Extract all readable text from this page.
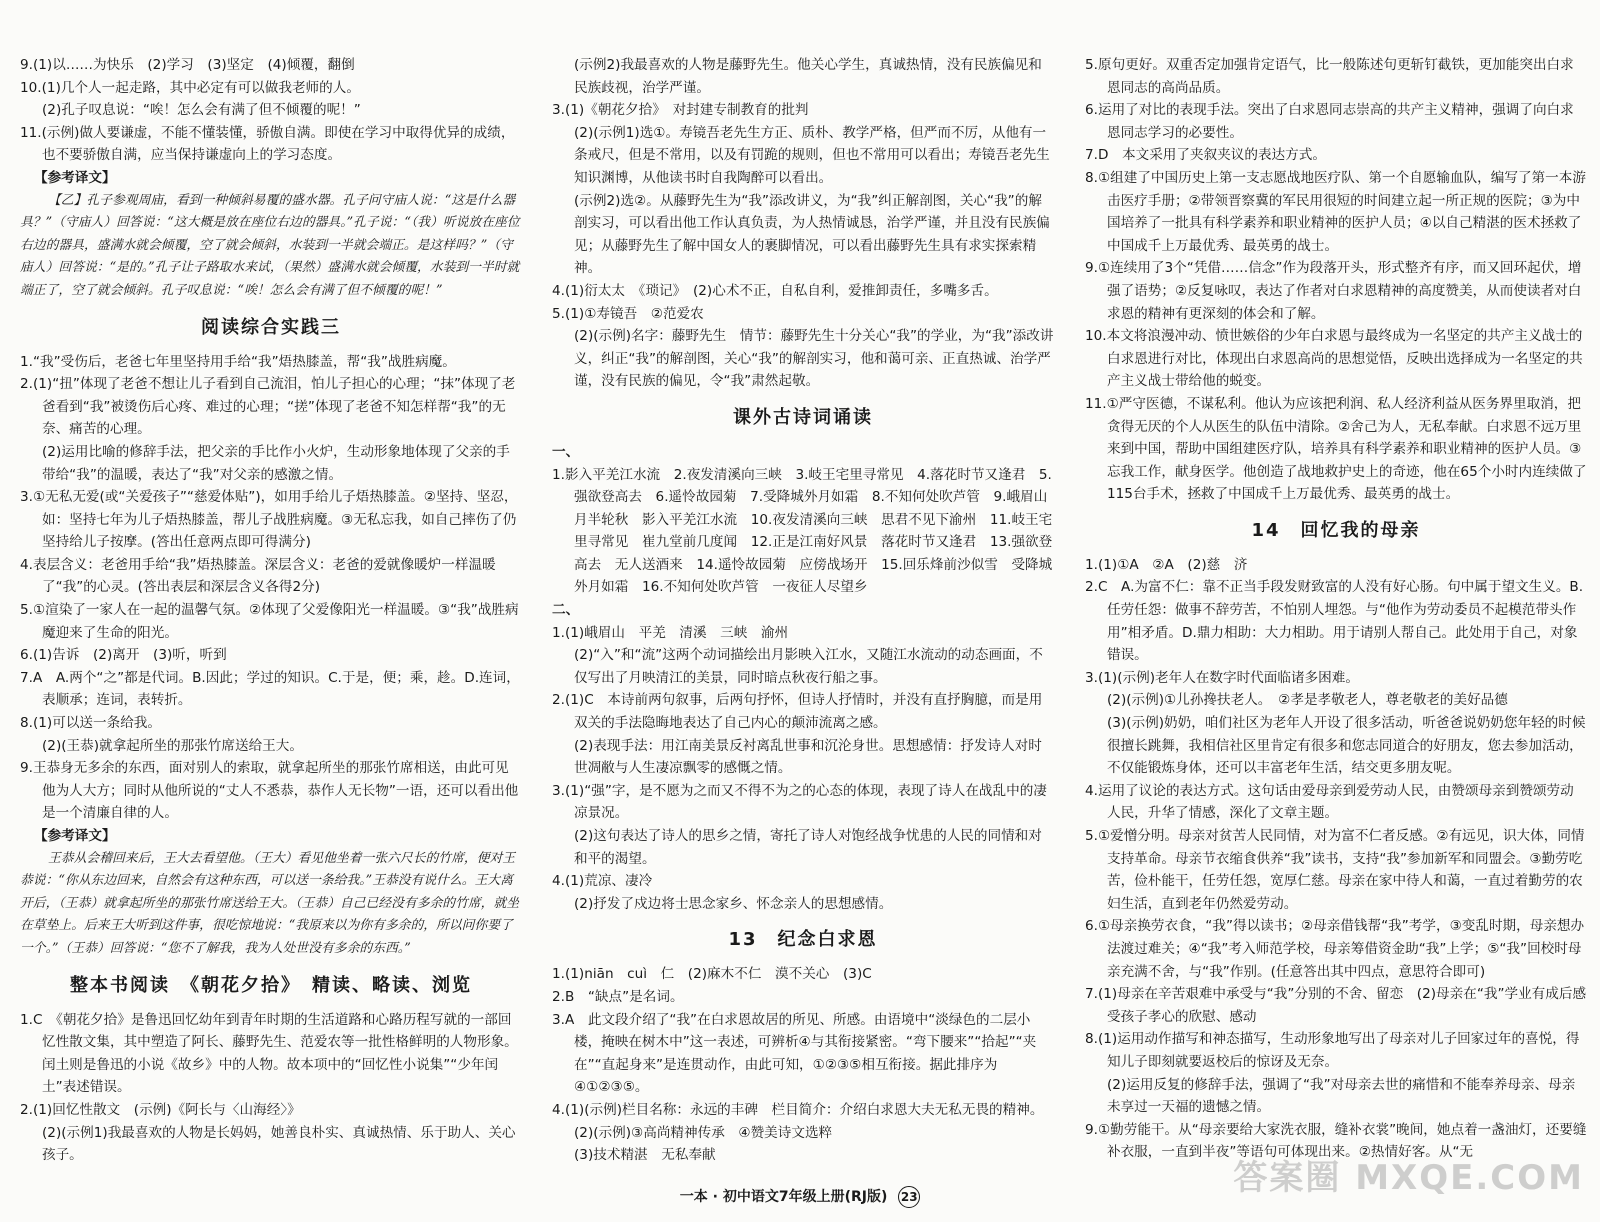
9.(1)以……为快乐　(2)学习　(3)坚定　(4)倾覆，翻倒

10.(1)几个人一起走路，其中必定有可以做我老师的人。

(2)孔子叹息说：“唉！怎么会有满了但不倾覆的呢！”

11.(示例)做人要谦虚，不能不懂装懂，骄傲自满。即使在学习中取得优异的成绩，也不要骄傲自满，应当保持谦虚向上的学习态度。

【参考译文】

【乙】孔子参观周庙，看到一种倾斜易覆的盛水器。孔子问守庙人说：“这是什么器具？”（守庙人）回答说：“这大概是放在座位右边的器具。”孔子说：“（我）听说放在座位右边的器具，盛满水就会倾覆，空了就会倾斜，水装到一半就会端正。是这样吗？”（守庙人）回答说：“是的。”孔子让子路取水来试，（果然）盛满水就会倾覆，水装到一半时就端正了，空了就会倾斜。孔子叹息说：“唉！怎么会有满了但不倾覆的呢！”

阅读综合实践三

1.“我”受伤后，老爸七年里坚持用手给“我”焐热膝盖，帮“我”战胜病魔。

2.(1)“扭”体现了老爸不想让儿子看到自己流泪，怕儿子担心的心理；“抹”体现了老爸看到“我”被烫伤后心疼、难过的心理；“搓”体现了老爸不知怎样帮“我”的无奈、痛苦的心理。

(2)运用比喻的修辞手法，把父亲的手比作小火炉，生动形象地体现了父亲的手带给“我”的温暖，表达了“我”对父亲的感激之情。

3.①无私无爱(或“关爱孩子”“慈爱体贴”)，如用手给儿子焐热膝盖。②坚持、坚忍，如：坚持七年为儿子焐热膝盖，帮儿子战胜病魔。③无私忘我，如自己摔伤了仍坚持给儿子按摩。(答出任意两点即可得满分)

4.表层含义：老爸用手给“我”焐热膝盖。深层含义：老爸的爱就像暖炉一样温暖了“我”的心灵。(答出表层和深层含义各得2分)

5.①渲染了一家人在一起的温馨气氛。②体现了父爱像阳光一样温暖。③“我”战胜病魔迎来了生命的阳光。

6.(1)告诉　(2)离开　(3)听，听到

7.A　A.两个“之”都是代词。B.因此；学过的知识。C.于是，便；乘，趁。D.连词，表顺承；连词，表转折。

8.(1)可以送一条给我。

(2)(王恭)就拿起所坐的那张竹席送给王大。

9.王恭身无多余的东西，面对别人的索取，就拿起所坐的那张竹席相送，由此可见他为人大方；同时从他所说的“丈人不悉恭，恭作人无长物”一语，还可以看出他是一个清廉自律的人。

【参考译文】

王恭从会稽回来后，王大去看望他。（王大）看见他坐着一张六尺长的竹席，便对王恭说：“你从东边回来，自然会有这种东西，可以送一条给我。”王恭没有说什么。王大离开后，（王恭）就拿起所坐的那张竹席送给王大。（王恭）自己已经没有多余的竹席，就坐在草垫上。后来王大听到这件事，很吃惊地说：“我原来以为你有多余的，所以问你要了一个。”（王恭）回答说：“您不了解我，我为人处世没有多余的东西。”

整本书阅读　《朝花夕拾》　精读、略读、浏览

1.C　《朝花夕拾》是鲁迅回忆幼年到青年时期的生活道路和心路历程写就的一部回忆性散文集，其中塑造了阿长、藤野先生、范爱农等一批性格鲜明的人物形象。闰土则是鲁迅的小说《故乡》中的人物。故本项中的“回忆性小说集”“少年闰土”表述错误。

2.(1)回忆性散文　(示例)《阿长与〈山海经〉》

(2)(示例1)我最喜欢的人物是长妈妈，她善良朴实、真诚热情、乐于助人、关心孩子。

(示例2)我最喜欢的人物是藤野先生。他关心学生，真诚热情，没有民族偏见和民族歧视，治学严谨。

3.(1)《朝花夕拾》　对封建专制教育的批判

(2)(示例1)选①。寿镜吾老先生方正、质朴、教学严格，但严而不厉，从他有一条戒尺，但是不常用，以及有罚跪的规则，但也不常用可以看出；寿镜吾老先生知识渊博，从他读书时自我陶醉可以看出。

(示例2)选②。从藤野先生为“我”添改讲义，为“我”纠正解剖图，关心“我”的解剖实习，可以看出他工作认真负责，为人热情诚恳，治学严谨，并且没有民族偏见；从藤野先生了解中国女人的裹脚情况，可以看出藤野先生具有求实探索精神。

4.(1)衍太太　《琐记》　(2)心术不正，自私自利，爱推卸责任，多嘴多舌。

5.(1)①寿镜吾　②范爱农

(2)(示例)名字：藤野先生　情节：藤野先生十分关心“我”的学业，为“我”添改讲义，纠正“我”的解剖图，关心“我”的解剖实习，他和蔼可亲、正直热诚、治学严谨，没有民族的偏见，令“我”肃然起敬。

课外古诗词诵读

一、

1.影入平羌江水流　2.夜发清溪向三峡　3.岐王宅里寻常见　4.落花时节又逢君　5.强欲登高去　6.遥怜故园菊　7.受降城外月如霜　8.不知何处吹芦管　9.峨眉山月半轮秋　影入平羌江水流　10.夜发清溪向三峡　思君不见下渝州　11.岐王宅里寻常见　崔九堂前几度闻　12.正是江南好风景　落花时节又逢君　13.强欲登高去　无人送酒来　14.遥怜故园菊　应傍战场开　15.回乐烽前沙似雪　受降城外月如霜　16.不知何处吹芦管　一夜征人尽望乡

二、

1.(1)峨眉山　平羌　清溪　三峡　渝州

(2)“入”和“流”这两个动词描绘出月影映入江水，又随江水流动的动态画面，不仅写出了月映清江的美景，同时暗点秋夜行船之事。

2.(1)C　本诗前两句叙事，后两句抒怀，但诗人抒情时，并没有直抒胸臆，而是用双关的手法隐晦地表达了自己内心的颠沛流离之感。

(2)表现手法：用江南美景反衬离乱世事和沉沦身世。思想感情：抒发诗人对时世凋敝与人生凄凉飘零的感慨之情。

3.(1)“强”字，是不愿为之而又不得不为之的心态的体现，表现了诗人在战乱中的凄凉景况。

(2)这句表达了诗人的思乡之情，寄托了诗人对饱经战争忧患的人民的同情和对和平的渴望。

4.(1)荒凉、凄冷

(2)抒发了戍边将士思念家乡、怀念亲人的思想感情。

13　纪念白求恩

1.(1)niān　cuì　仁　(2)麻木不仁　漠不关心　(3)C

2.B　“缺点”是名词。

3.A　此文段介绍了“我”在白求恩故居的所见、所感。由语境中“淡绿色的二层小楼，掩映在树木中”这一表述，可辨析④与其衔接紧密。“弯下腰来”“拾起”“夹在”“直起身来”是连贯动作，由此可知，①②③⑤相互衔接。据此排序为④①②③⑤。

4.(1)(示例)栏目名称：永远的丰碑　栏目简介：介绍白求恩大夫无私无畏的精神。

(2)(示例)③高尚精神传承　④赞美诗文选粹

(3)技术精湛　无私奉献

5.原句更好。双重否定加强肯定语气，比一般陈述句更斩钉截铁，更加能突出白求恩同志的高尚品质。

6.运用了对比的表现手法。突出了白求恩同志崇高的共产主义精神，强调了向白求恩同志学习的必要性。

7.D　本文采用了夹叙夹议的表达方式。

8.①组建了中国历史上第一支志愿战地医疗队、第一个自愿输血队，编写了第一本游击医疗手册；②带领晋察冀的军民用很短的时间建立起一所正规的医院；③为中国培养了一批具有科学素养和职业精神的医护人员；④以自己精湛的医术拯救了中国成千上万最优秀、最英勇的战士。

9.①连续用了3个“凭借……信念”作为段落开头，形式整齐有序，而又回环起伏，增强了语势；②反复咏叹，表达了作者对白求恩精神的高度赞美，从而使读者对白求恩的精神有更深刻的体会和了解。

10.本文将浪漫冲动、愤世嫉俗的少年白求恩与最终成为一名坚定的共产主义战士的白求恩进行对比，体现出白求恩高尚的思想觉悟，反映出选择成为一名坚定的共产主义战士带给他的蜕变。

11.①严守医德，不谋私利。他认为应该把利润、私人经济利益从医务界里取消，把贪得无厌的个人从医生的队伍中清除。②舍己为人，无私奉献。白求恩不远万里来到中国，帮助中国组建医疗队，培养具有科学素养和职业精神的医护人员。③忘我工作，献身医学。他创造了战地救护史上的奇迹，他在65个小时内连续做了115台手术，拯救了中国成千上万最优秀、最英勇的战士。

14　回忆我的母亲

1.(1)①A　②A　(2)慈　济

2.C　A.为富不仁：靠不正当手段发财致富的人没有好心肠。句中属于望文生义。B.任劳任怨：做事不辞劳苦，不怕别人埋怨。与“他作为劳动委员不起模范带头作用”相矛盾。D.鼎力相助：大力相助。用于请别人帮自己。此处用于自己，对象错误。

3.(1)(示例)老年人在数字时代面临诸多困难。

(2)(示例)①儿孙搀扶老人。　②孝是孝敬老人，尊老敬老的美好品德

(3)(示例)奶奶，咱们社区为老年人开设了很多活动，听爸爸说奶奶您年轻的时候很擅长跳舞，我相信社区里肯定有很多和您志同道合的好朋友，您去参加活动，不仅能锻炼身体，还可以丰富老年生活，结交更多朋友呢。

4.运用了议论的表达方式。这句话由爱母亲到爱劳动人民，由赞颂母亲到赞颂劳动人民，升华了情感，深化了文章主题。

5.①爱憎分明。母亲对贫苦人民同情，对为富不仁者反感。②有远见，识大体，同情支持革命。母亲节衣缩食供养“我”读书，支持“我”参加新军和同盟会。③勤劳吃苦，俭朴能干，任劳任怨，宽厚仁慈。母亲在家中待人和蔼，一直过着勤劳的农妇生活，直到老年仍然爱劳动。

6.①母亲换劳衣食，“我”得以读书；②母亲借钱帮“我”考学，③变乱时期，母亲想办法渡过难关；④“我”考入师范学校，母亲筹借资金助“我”上学；⑤“我”回校时母亲充满不舍，与“我”作别。(任意答出其中四点，意思符合即可)

7.(1)母亲在辛苦艰难中承受与“我”分别的不舍、留恋　(2)母亲在“我”学业有成后感受孩子孝心的欣慰、感动

8.(1)运用动作描写和神态描写，生动形象地写出了母亲对儿子回家过年的喜悦，得知儿子即刻就要返校后的惊讶及无奈。

(2)运用反复的修辞手法，强调了“我”对母亲去世的痛惜和不能奉养母亲、母亲未享过一天福的遗憾之情。

9.①勤劳能干。从“母亲要给大家洗衣服，缝补衣裳”晚间，她点着一盏油灯，还要缝补衣服，一直到半夜”等语句可体现出来。②热情好客。从“无

一本 · 初中语文7年级上册(RJ版) 23	答案圈 MXQE.COM
